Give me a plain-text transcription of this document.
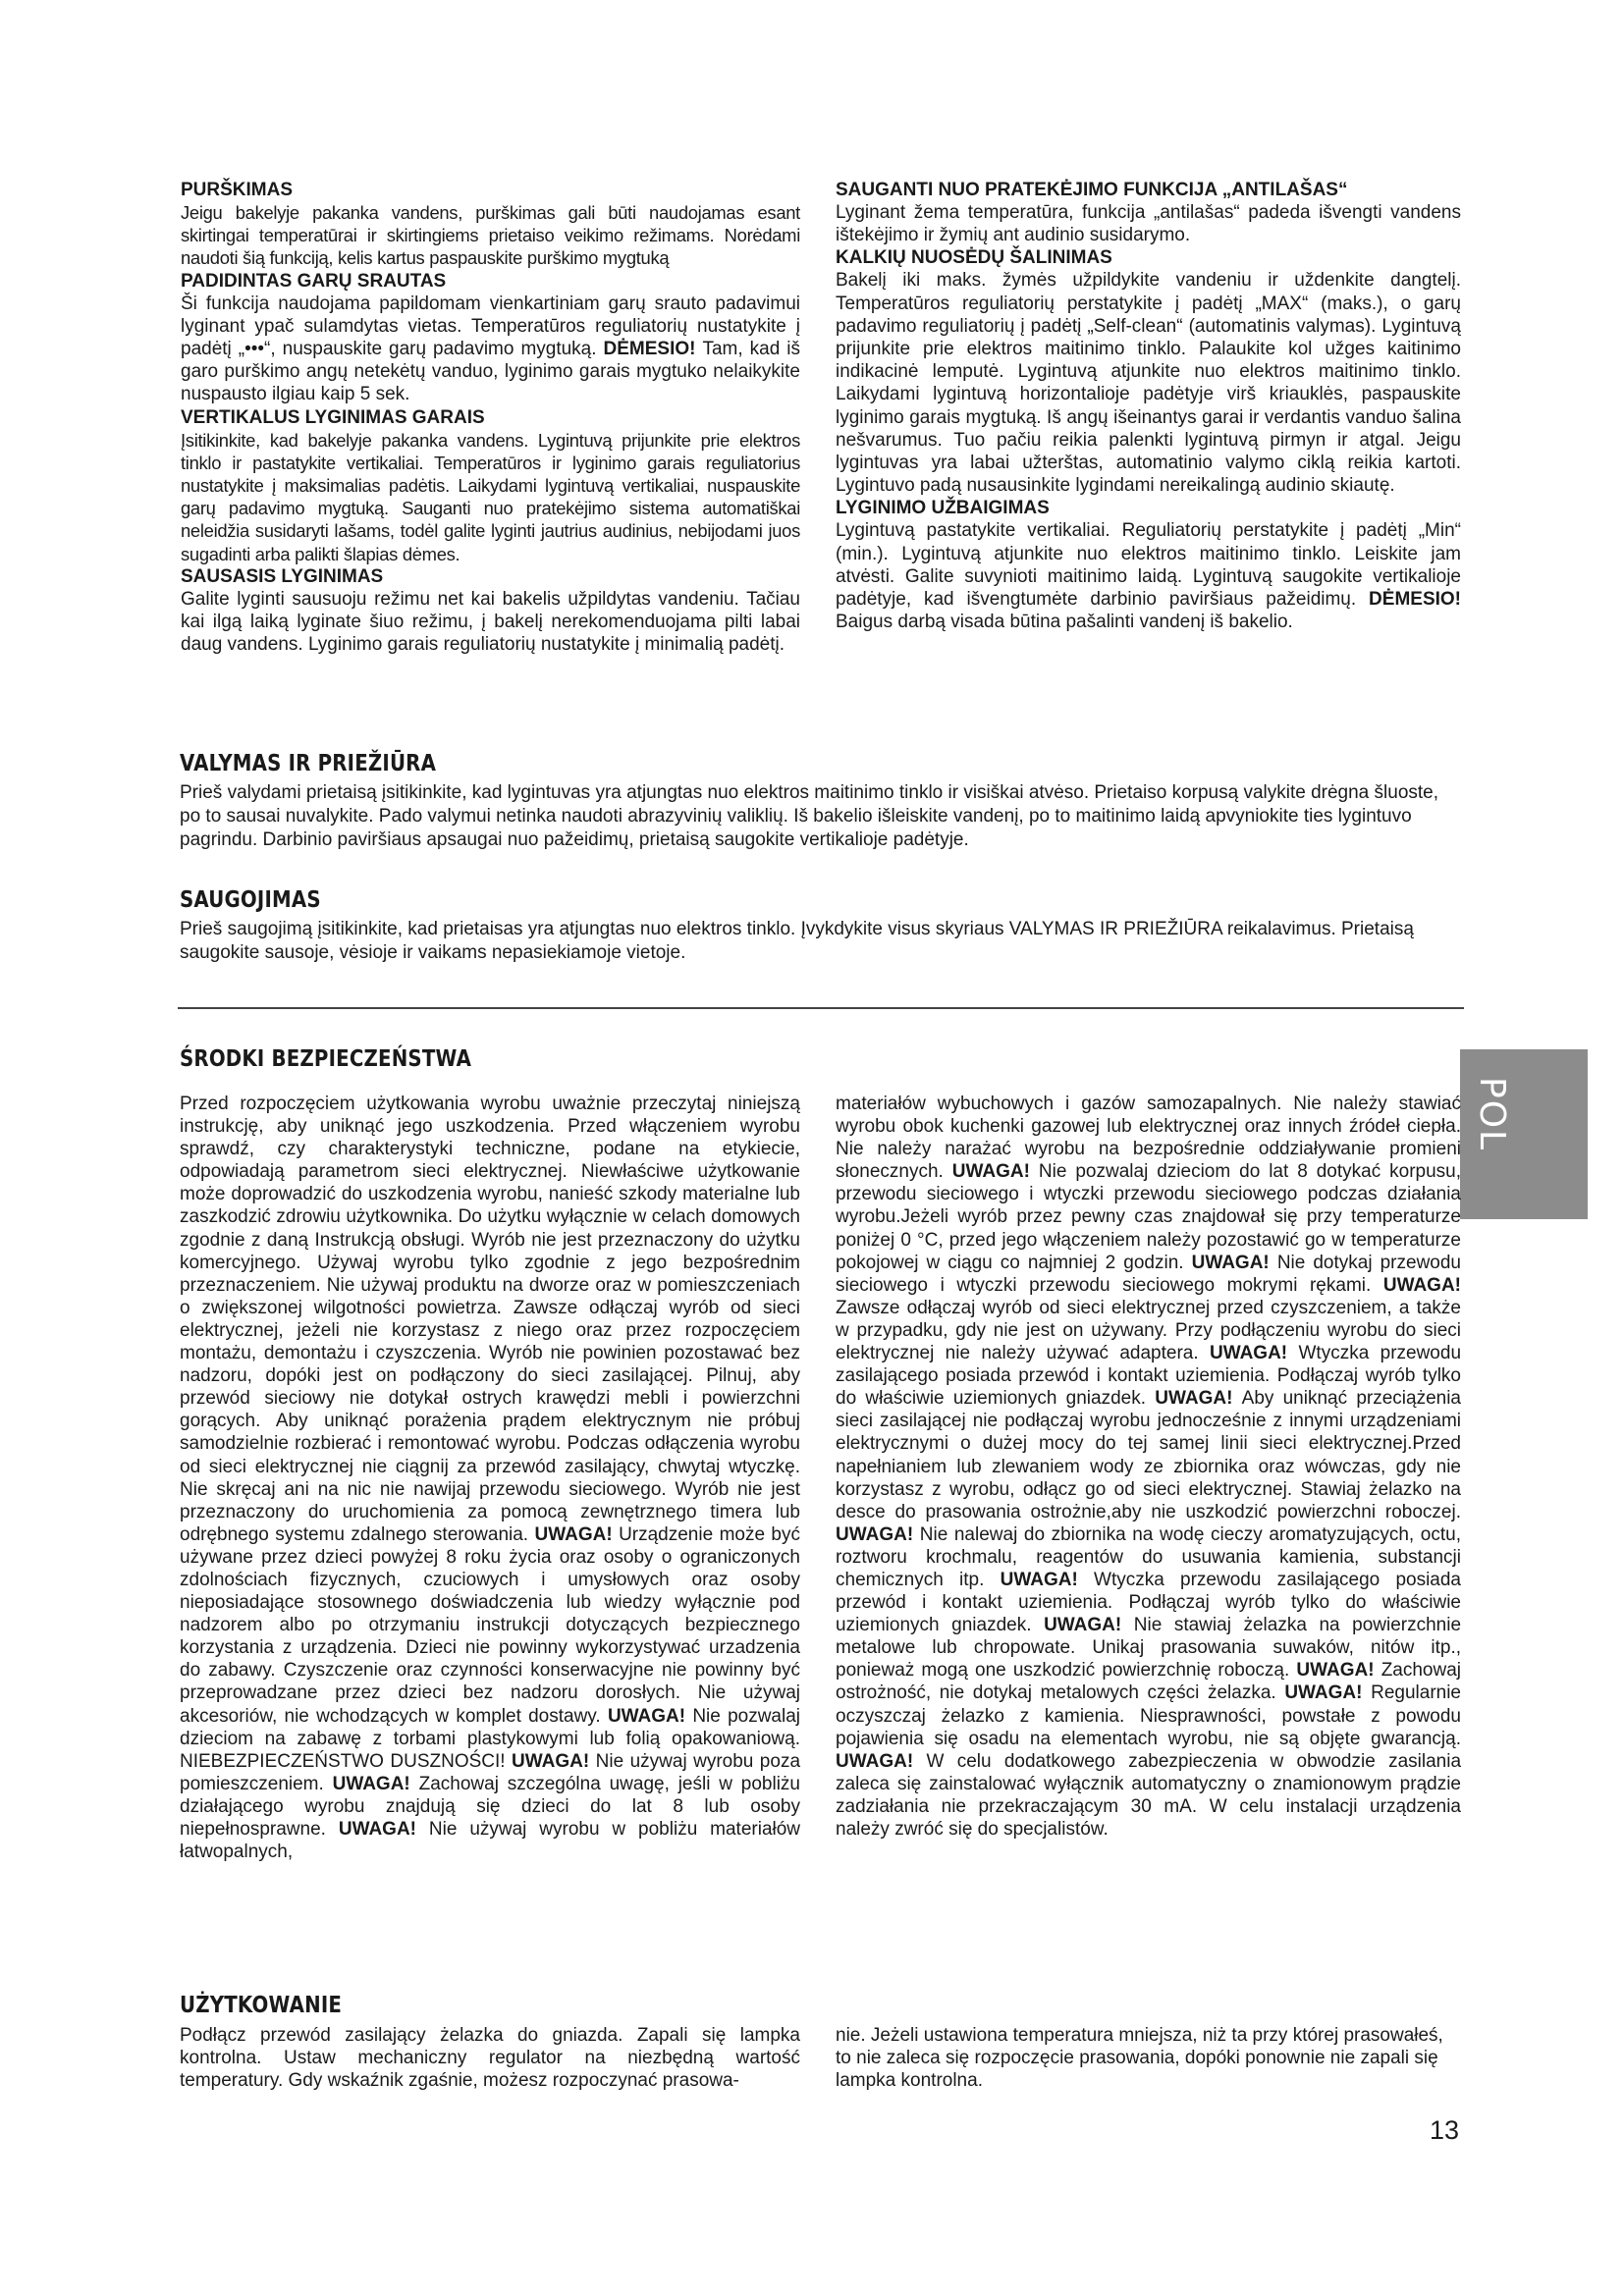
PURŠKIMAS

Jeigu bakelyje pakanka vandens, purškimas gali būti naudojamas esant skirtingai temperatūrai ir skirtingiems prietaiso veikimo režimams. Norėdami naudoti šią funkciją, kelis kartus paspauskite purškimo mygtuką

PADIDINTAS GARŲ SRAUTAS

Ši funkcija naudojama papildomam vienkartiniam garų srauto padavimui lyginant ypač sulamdytas vietas. Temperatūros reguliatorių nustatykite į padėtį „•••“, nuspauskite garų padavimo mygtuką. DĖMESIO! Tam, kad iš garo purškimo angų netekėtų vanduo, lyginimo garais mygtuko nelaikykite nuspausto ilgiau kaip 5 sek.

VERTIKALUS LYGINIMAS GARAIS

Įsitikinkite, kad bakelyje pakanka vandens. Lygintuvą prijunkite prie elektros tinklo ir pastatykite vertikaliai. Temperatūros ir lyginimo garais reguliatorius nustatykite į maksimalias padėtis. Laikydami lygintuvą vertikaliai, nuspauskite garų padavimo mygtuką. Sauganti nuo pratekėjimo sistema automatiškai neleidžia susidaryti lašams, todėl galite lyginti jautrius audinius, nebijodami juos sugadinti arba palikti šlapias dėmes.

SAUSASIS LYGINIMAS

Galite lyginti sausuoju režimu net kai bakelis užpildytas vandeniu. Tačiau kai ilgą laiką lyginate šiuo režimu, į bakelį nerekomenduojama pilti labai daug vandens. Lyginimo garais reguliatorių nustatykite į minimalią padėtį.

SAUGANTI NUO PRATEKĖJIMO FUNKCIJA „ANTILAŠAS“

Lyginant žema temperatūra, funkcija „antilašas“ padeda išvengti vandens ištekėjimo ir žymių ant audinio susidarymo.

KALKIŲ NUOSĖDŲ ŠALINIMAS

Bakelį iki maks. žymės užpildykite vandeniu ir uždenkite dangtelį. Temperatūros reguliatorių perstatykite į padėtį „MAX“ (maks.), o garų padavimo reguliatorių į padėtį „Self-clean“ (automatinis valymas). Lygintuvą prijunkite prie elektros maitinimo tinklo. Palaukite kol užges kaitinimo indikacinė lemputė. Lygintuvą atjunkite nuo elektros maitinimo tinklo. Laikydami lygintuvą horizontalioje padėtyje virš kriauklės, paspauskite lyginimo garais mygtuką. Iš angų išeinantys garai ir verdantis vanduo šalina nešvarumus. Tuo pačiu reikia palenkti lygintuvą pirmyn ir atgal. Jeigu lygintuvas yra labai užterštas, automatinio valymo ciklą reikia kartoti. Lygintuvo padą nusausinkite lygindami nereikalingą audinio skiautę.

LYGINIMO UŽBAIGIMAS

Lygintuvą pastatykite vertikaliai. Reguliatorių perstatykite į padėtį „Min“ (min.). Lygintuvą atjunkite nuo elektros maitinimo tinklo. Leiskite jam atvėsti. Galite suvynioti maitinimo laidą. Lygintuvą saugokite vertikalioje padėtyje, kad išvengtumėte darbinio paviršiaus pažeidimų. DĖMESIO! Baigus darbą visada būtina pašalinti vandenį iš bakelio.

VALYMAS IR PRIEŽIŪRA
Prieš valydami prietaisą įsitikinkite, kad lygintuvas yra atjungtas nuo elektros maitinimo tinklo ir visiškai atvėso. Prietaiso korpusą valykite drėgna šluoste, po to sausai nuvalykite. Pado valymui netinka naudoti abrazyvinių valiklių. Iš bakelio išleiskite vandenį, po to maitinimo laidą apvyniokite ties lygintuvo pagrindu. Darbinio paviršiaus apsaugai nuo pažeidimų, prietaisą saugokite vertikalioje padėtyje.
SAUGOJIMAS
Prieš saugojimą įsitikinkite, kad prietaisas yra atjungtas nuo elektros tinklo. Įvykdykite visus skyriaus VALYMAS IR PRIEŽIŪRA reikalavimus. Prietaisą saugokite sausoje, vėsioje ir vaikams nepasiekiamoje vietoje.
POL
ŚRODKI BEZPIECZEŃSTWA

Przed rozpoczęciem użytkowania wyrobu uważnie przeczytaj niniejszą instrukcję, aby uniknąć jego uszkodzenia. Przed włączeniem wyrobu sprawdź, czy charakterystyki techniczne, podane na etykiecie, odpowiadają parametrom sieci elektrycznej. Niewłaściwe użytkowanie może doprowadzić do uszkodzenia wyrobu, nanieść szkody materialne lub zaszkodzić zdrowiu użytkownika. Do użytku wyłącznie w celach domowych zgodnie z daną Instrukcją obsługi. Wyrób nie jest przeznaczony do użytku komercyjnego. Używaj wyrobu tylko zgodnie z jego bezpośrednim przeznaczeniem. Nie używaj produktu na dworze oraz w pomieszczeniach o zwiększonej wilgotności powietrza. Zawsze odłączaj wyrób od sieci elektrycznej, jeżeli nie korzystasz z niego oraz przez rozpoczęciem montażu, demontażu i czyszczenia. Wyrób nie powinien pozostawać bez nadzoru, dopóki jest on podłączony do sieci zasilającej. Pilnuj, aby przewód sieciowy nie dotykał ostrych krawędzi mebli i powierzchni gorących. Aby uniknąć porażenia prądem elektrycznym nie próbuj samodzielnie rozbierać i remontować wyrobu. Podczas odłączenia wyrobu od sieci elektrycznej nie ciągnij za przewód zasilający, chwytaj wtyczkę. Nie skręcaj ani na nic nie nawijaj przewodu sieciowego. Wyrób nie jest przeznaczony do uruchomienia za pomocą zewnętrznego timera lub odrębnego systemu zdalnego sterowania. UWAGA! Urządzenie może być używane przez dzieci powyżej 8 roku życia oraz osoby o ograniczonych zdolnościach fizycznych, czuciowych i umysłowych oraz osoby nieposiadające stosownego doświadczenia lub wiedzy wyłącznie pod nadzorem albo po otrzymaniu instrukcji dotyczących bezpiecznego korzystania z urządzenia. Dzieci nie powinny wykorzystywać urzadzenia do zabawy. Czyszczenie oraz czynności konserwacyjne nie powinny być przeprowadzane przez dzieci bez nadzoru dorosłych. Nie używaj akcesoriów, nie wchodzących w komplet dostawy. UWAGA! Nie pozwalaj dzieciom na zabawę z torbami plastykowymi lub folią opakowaniową. NIEBEZPIECZEŃSTWO DUSZNOŚCI! UWAGA! Nie używaj wyrobu poza pomieszczeniem. UWAGA! Zachowaj szczególna uwagę, jeśli w pobliżu działającego wyrobu znajdują się dzieci do lat 8 lub osoby niepełnosprawne. UWAGA! Nie używaj wyrobu w pobliżu materiałów łatwopalnych,

materiałów wybuchowych i gazów samozapalnych. Nie należy stawiać wyrobu obok kuchenki gazowej lub elektrycznej oraz innych źródeł ciepła. Nie należy narażać wyrobu na bezpośrednie oddziaływanie promieni słonecznych. UWAGA! Nie pozwalaj dzieciom do lat 8 dotykać korpusu, przewodu sieciowego i wtyczki przewodu sieciowego podczas działania wyrobu.Jeżeli wyrób przez pewny czas znajdował się przy temperaturze poniżej 0 °C, przed jego włączeniem należy pozostawić go w temperaturze pokojowej w ciągu co najmniej 2 godzin. UWAGA! Nie dotykaj przewodu sieciowego i wtyczki przewodu sieciowego mokrymi rękami. UWAGA! Zawsze odłączaj wyrób od sieci elektrycznej przed czyszczeniem, a także w przypadku, gdy nie jest on używany. Przy podłączeniu wyrobu do sieci elektrycznej nie należy używać adaptera. UWAGA! Wtyczka przewodu zasilającego posiada przewód i kontakt uziemienia. Podłączaj wyrób tylko do właściwie uziemionych gniazdek. UWAGA! Aby uniknąć przeciążenia sieci zasilającej nie podłączaj wyrobu jednocześnie z innymi urządzeniami elektrycznymi o dużej mocy do tej samej linii sieci elektrycznej.Przed napełnianiem lub zlewaniem wody ze zbiornika oraz wówczas, gdy nie korzystasz z wyrobu, odłącz go od sieci elektrycznej. Stawiaj żelazko na desce do prasowania ostrożnie,aby nie uszkodzić powierzchni roboczej. UWAGA! Nie nalewaj do zbiornika na wodę cieczy aromatyzujących, octu, roztworu krochmalu, reagentów do usuwania kamienia, substancji chemicznych itp. UWAGA! Wtyczka przewodu zasilającego posiada przewód i kontakt uziemienia. Podłączaj wyrób tylko do właściwie uziemionych gniazdek. UWAGA! Nie stawiaj żelazka na powierzchnie metalowe lub chropowate. Unikaj prasowania suwaków, nitów itp., ponieważ mogą one uszkodzić powierzchnię roboczą. UWAGA! Zachowaj ostrożność, nie dotykaj metalowych części żelazka. UWAGA! Regularnie oczyszczaj żelazko z kamienia. Niesprawności, powstałe z powodu pojawienia się osadu na elementach wyrobu, nie są objęte gwarancją. UWAGA! W celu dodatkowego zabezpieczenia w obwodzie zasilania zaleca się zainstalować wyłącznik automatyczny o znamionowym prądzie zadziałania nie przekraczającym 30 mA. W celu instalacji urządzenia należy zwróć się do specjalistów.

UŻYTKOWANIE
Podłącz przewód zasilający żelazka do gniazda. Zapali się lampka kontrolna. Ustaw mechaniczny regulator na niezbędną wartość temperatury. Gdy wskaźnik zgaśnie, możesz rozpoczynać prasowa-
nie. Jeżeli ustawiona temperatura mniejsza, niż ta przy której prasowałeś, to nie zaleca się rozpoczęcie prasowania, dopóki ponownie nie zapali się lampka kontrolna.
13
